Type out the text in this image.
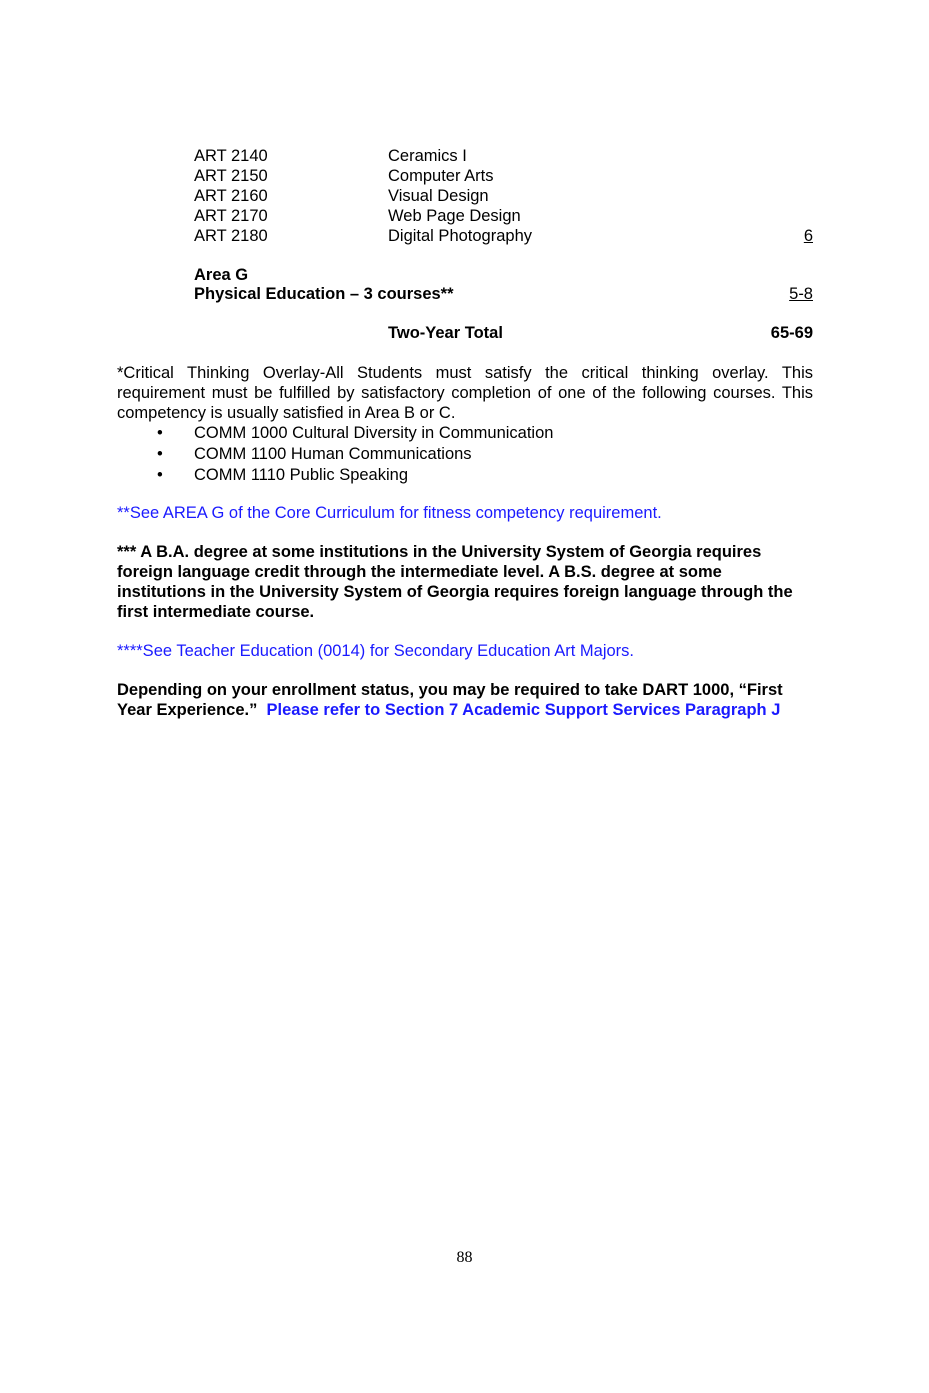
ART 2140	Ceramics I
ART 2150	Computer Arts
ART 2160	Visual Design
ART 2170	Web Page Design
ART 2180	Digital Photography	6
Area G
Physical Education – 3 courses**	5-8
Two-Year Total	65-69
*Critical Thinking Overlay-All Students must satisfy the critical thinking overlay. This requirement must be fulfilled by satisfactory completion of one of the following courses. This competency is usually satisfied in Area B or C.
• COMM 1000 Cultural Diversity in Communication
• COMM 1100 Human Communications
• COMM 1110 Public Speaking
**See AREA G of the Core Curriculum for fitness competency requirement.
*** A B.A. degree at some institutions in the University System of Georgia requires foreign language credit through the intermediate level. A B.S. degree at some institutions in the University System of Georgia requires foreign language through the first intermediate course.
****See Teacher Education (0014) for Secondary Education Art Majors.
Depending on your enrollment status, you may be required to take DART 1000, “First Year Experience.” Please refer to Section 7 Academic Support Services Paragraph J
88
